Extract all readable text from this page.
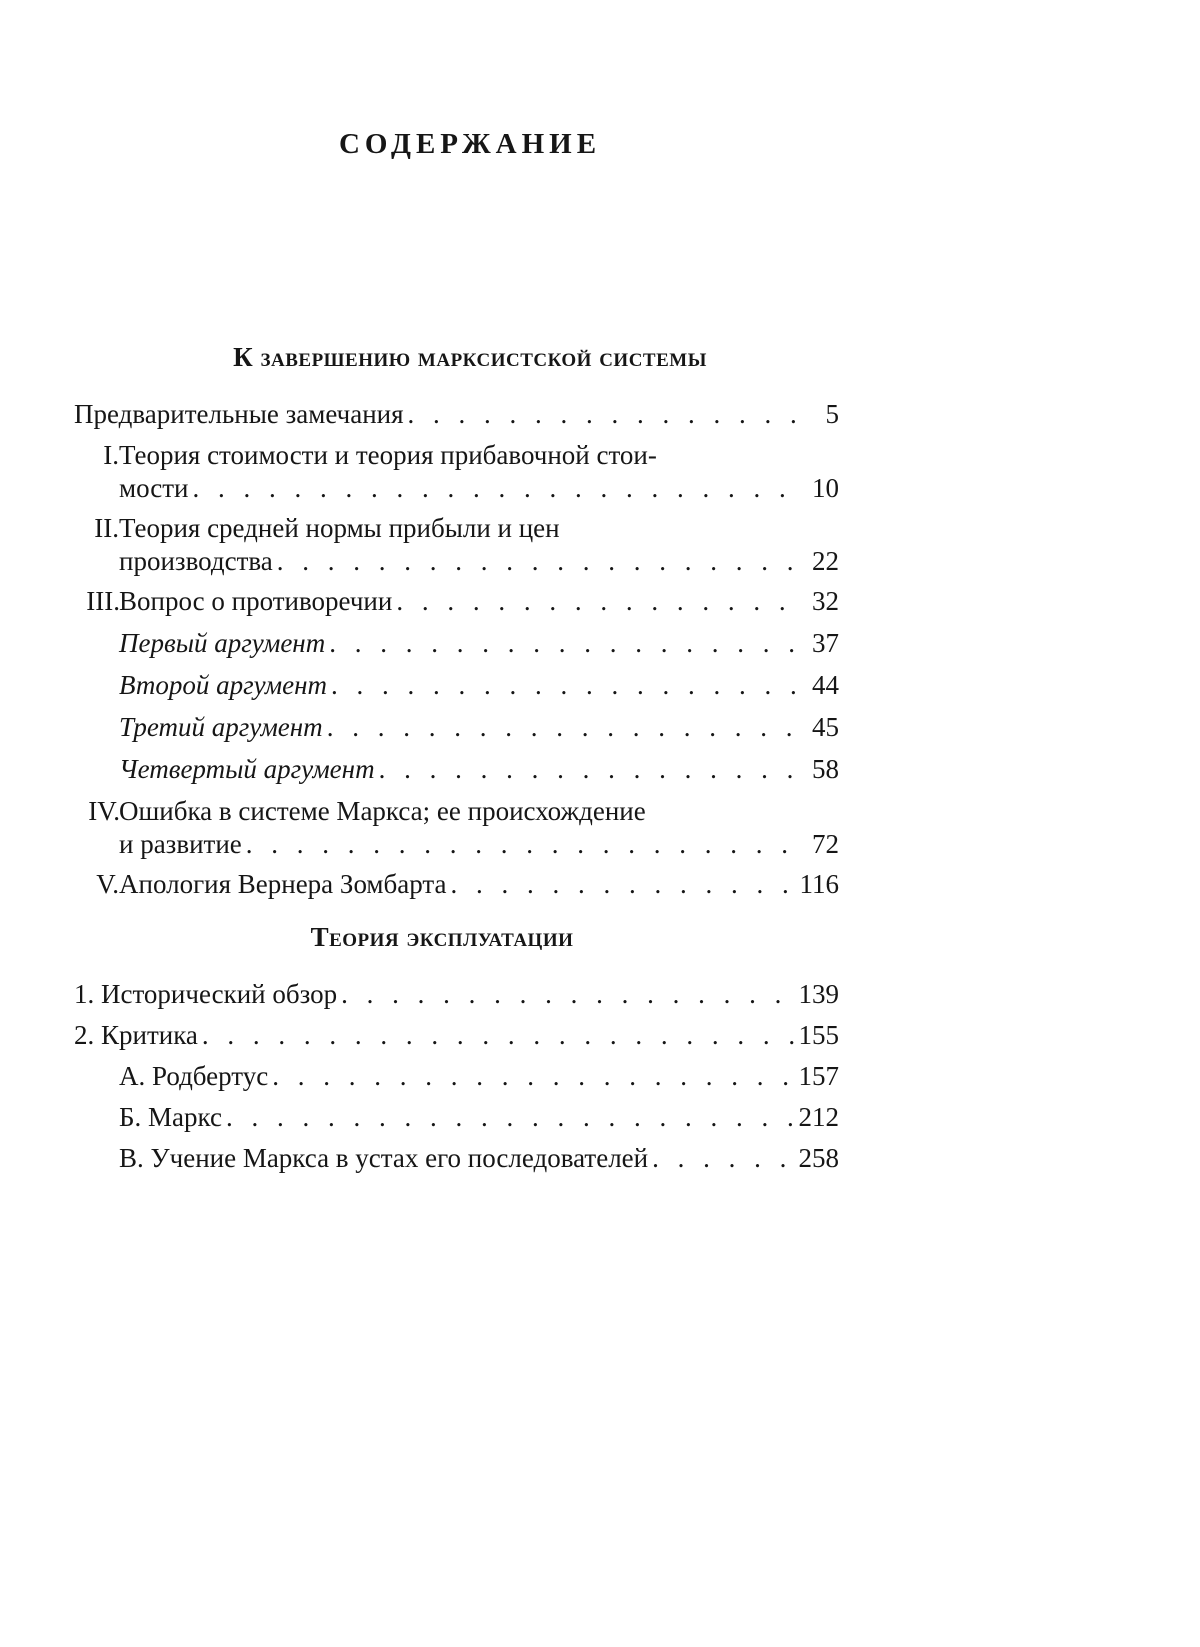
СОДЕРЖАНИЕ
К завершению марксистской системы
Предварительные замечания . . .	5
I. Теория стоимости и теория прибавочной стои-
мости . . .	10
II. Теория средней нормы прибыли и цен
производства . . .	22
III. Вопрос о противоречии . . .	32
Первый аргумент . . .	37
Второй аргумент . . .	44
Третий аргумент . . .	45
Четвертый аргумент . . .	58
IV. Ошибка в системе Маркса; ее происхождение
и развитие . . .	72
V. Апология Вернера Зомбарта . . .	116
Теория эксплуатации
1. Исторический обзор . . .	139
2. Критика . . .	155
А. Родбертус . . .	157
Б. Маркс . . .	212
В. Учение Маркса в устах его последователей . . .	258
